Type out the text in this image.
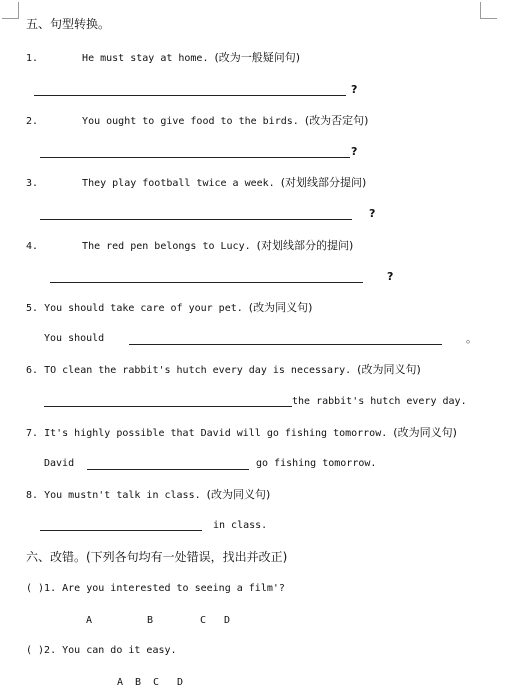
五、句型转换。
1.	He must stay at home. (改为一般疑问句)
?
2.	You ought to give food to the birds. (改为否定句)
?
3.	They play football twice a week. (对划线部分提问)
?
4.	The red pen belongs to Lucy. (对划线部分的提问)
?
5. You should take care of your pet. (改为同义句)
You should	。
6. TO clean the rabbit's hutch every day is necessary. (改为同义句)
the rabbit's hutch every day.
7. It's highly possible that David will go fishing tomorrow. (改为同义句)
David	go fishing tomorrow.
8. You mustn't talk in class. (改为同义句)
in class.
六、改错。(下列各句均有一处错误，找出并改正)
( )1. Are you interested to seeing a film'?
A	B	C D
( )2. You can do it easy.
A B C D
